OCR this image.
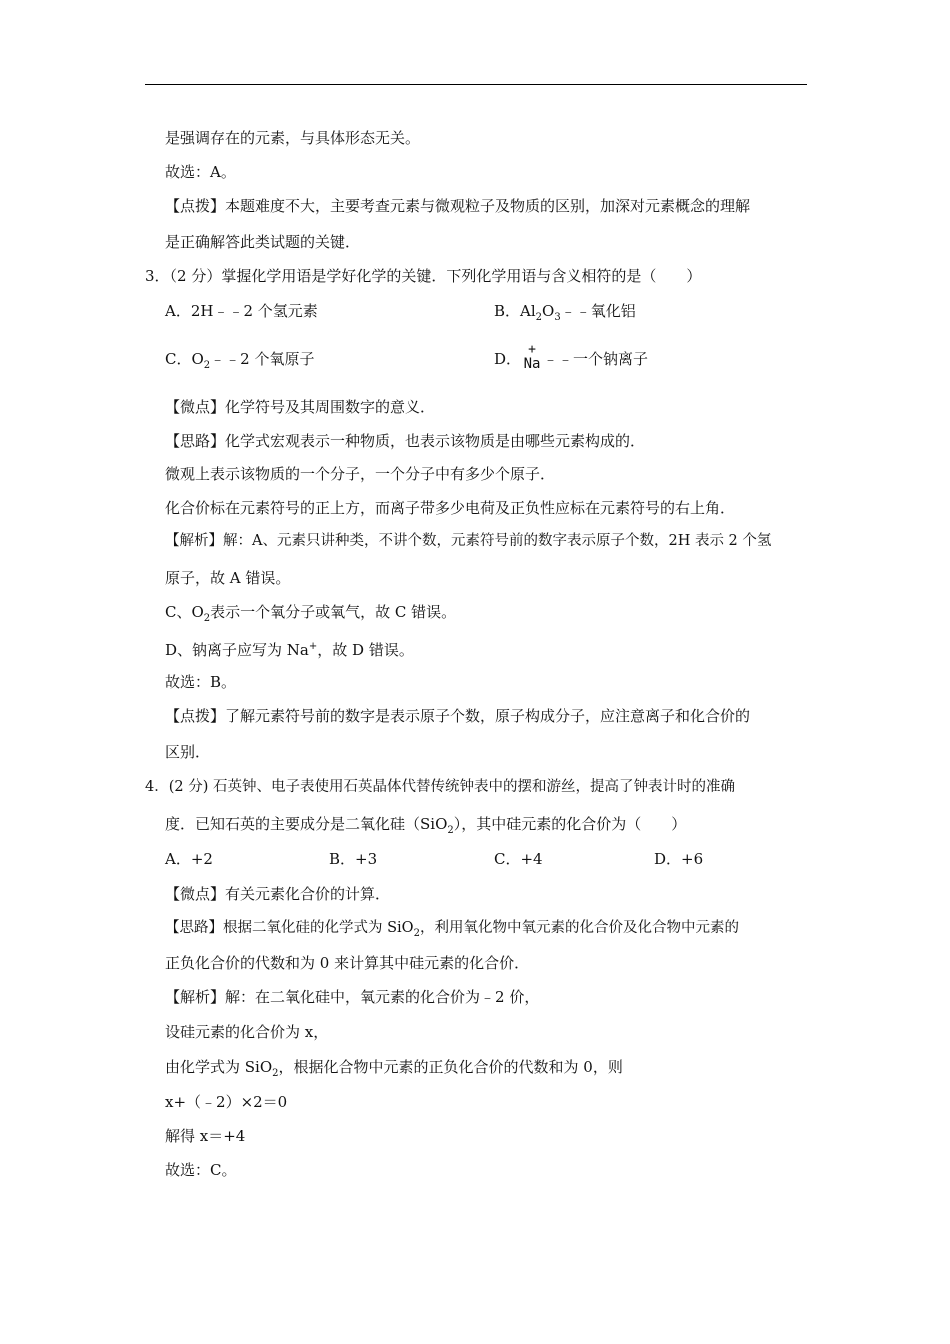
是强调存在的元素，与具体形态无关。
故选：A。
【点拨】本题难度不大，主要考查元素与微观粒子及物质的区别，加深对元素概念的理解
是正确解答此类试题的关键．
3．（2 分）掌握化学用语是学好化学的关键．下列化学用语与含义相符的是（　　）
A．2H﹣﹣2 个氢元素	B．$Al_2O_3﹣﹣$氧化铝
C．$O_2﹣﹣2$ 个氧原子	D．
+
Na ﹣﹣一个钠离子
【微点】化学符号及其周围数字的意义．
【思路】化学式宏观表示一种物质，也表示该物质是由哪些元素构成的．
微观上表示该物质的一个分子，一个分子中有多少个原子．
化合价标在元素符号的正上方，而离子带多少电荷及正负性应标在元素符号的右上角．
【解析】解：A、元素只讲种类，不讲个数，元素符号前的数字表示原子个数，2H 表示 2 个氢
原子，故 A 错误。
C、$O_2$表示一个氧分子或氧气，故 C 错误。
D、钠离子应写为 Na+，故 D 错误。
故选：B。
【点拨】了解元素符号前的数字是表示原子个数，原子构成分子，应注意离子和化合价的
区别．
4．(2 分) 石英钟、电子表使用石英晶体代替传统钟表中的摆和游丝，提高了钟表计时的准确
度．已知石英的主要成分是二氧化硅（SiO$_2$），其中硅元素的化合价为（　　）
A．+2	B．+3	C．+4	D．+6
【微点】有关元素化合价的计算．
【思路】根据二氧化硅的化学式为 SiO$_2$，利用氧化物中氧元素的化合价及化合物中元素的
正负化合价的代数和为 0 来计算其中硅元素的化合价．
【解析】解：在二氧化硅中，氧元素的化合价为﹣2 价，
设硅元素的化合价为 x，
由化学式为 SiO$_2$，根据化合物中元素的正负化合价的代数和为 0，则
x+（﹣2）×2＝0
解得 x＝+4
故选：C。
